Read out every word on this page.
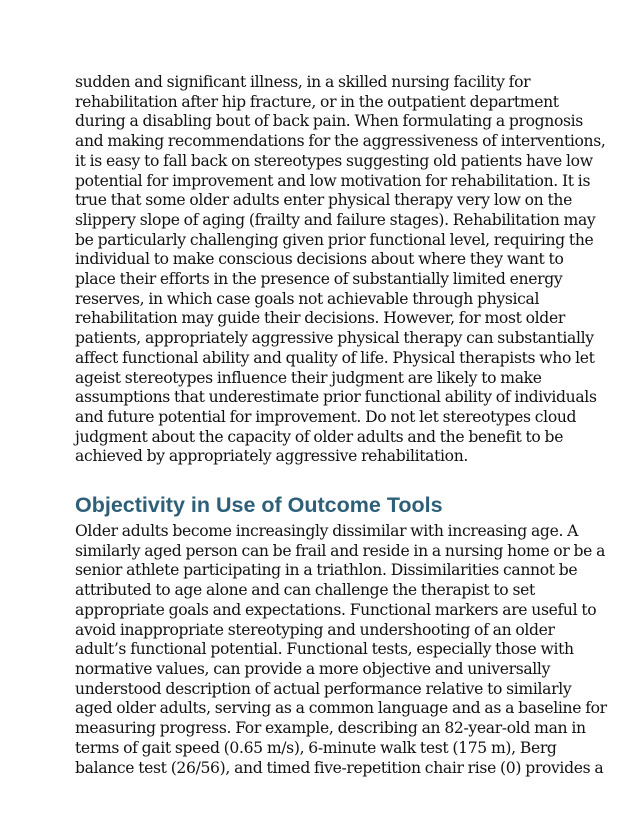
sudden and significant illness, in a skilled nursing facility for
rehabilitation after hip fracture, or in the outpatient department
during a disabling bout of back pain. When formulating a prognosis
and making recommendations for the aggressiveness of interventions,
it is easy to fall back on stereotypes suggesting old patients have low
potential for improvement and low motivation for rehabilitation. It is
true that some older adults enter physical therapy very low on the
slippery slope of aging (frailty and failure stages). Rehabilitation may
be particularly challenging given prior functional level, requiring the
individual to make conscious decisions about where they want to
place their efforts in the presence of substantially limited energy
reserves, in which case goals not achievable through physical
rehabilitation may guide their decisions. However, for most older
patients, appropriately aggressive physical therapy can substantially
affect functional ability and quality of life. Physical therapists who let
ageist stereotypes influence their judgment are likely to make
assumptions that underestimate prior functional ability of individuals
and future potential for improvement. Do not let stereotypes cloud
judgment about the capacity of older adults and the benefit to be
achieved by appropriately aggressive rehabilitation.

Objectivity in Use of Outcome Tools

Older adults become increasingly dissimilar with increasing age. A
similarly aged person can be frail and reside in a nursing home or be a
senior athlete participating in a triathlon. Dissimilarities cannot be
attributed to age alone and can challenge the therapist to set
appropriate goals and expectations. Functional markers are useful to
avoid inappropriate stereotyping and undershooting of an older
adult’s functional potential. Functional tests, especially those with
normative values, can provide a more objective and universally
understood description of actual performance relative to similarly
aged older adults, serving as a common language and as a baseline for
measuring progress. For example, describing an 82-year-old man in
terms of gait speed (0.65 m/s), 6-minute walk test (175 m), Berg
balance test (26/56), and timed five-repetition chair rise (0) provides a
